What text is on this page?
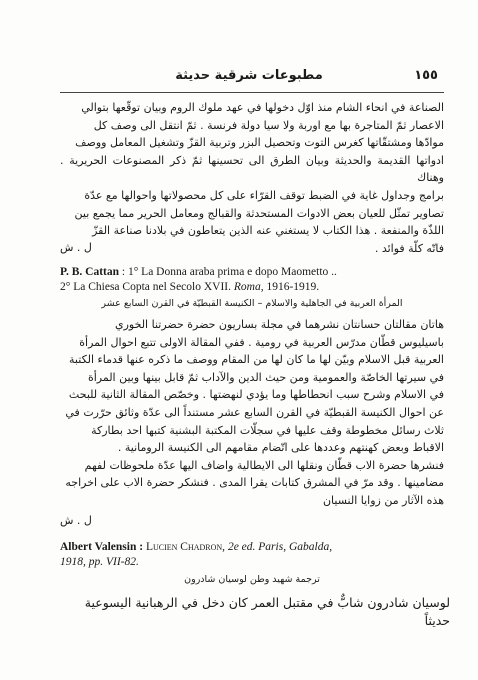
مطبوعات شرقية حديثة	١٥٥

الصناعة في انحاء الشام منذ اوّل دخولها في عهد ملوك الروم وبيان توقّعها بتوالي

الاعصار ثمّ المتاجرة بها مع اوربة ولا سيا دولة فرنسة . ثمّ انتقل الى وصف كل

موادّها ومشتقّاتها كغرس التوت وتحصيل البزر وتربية القزّ وتشغيل المعامل ووصف

ادواتها القديمة والحديثة وبيان الطرق الى تحسينها ثمّ ذكر المصنوعات الحريرية . وهناك

برامج وجداول غاية في الضبط توقف القرّاء على كل محصولاتها واحوالها مع عدّة

تصاوير تمثّل للعيان بعض الادوات المستحدثة والقبالج ومعامل الحرير مما يجمع بين

اللذّة والمنفعة . هذا الكتاب لا يستغني عنه الذين يتعاطون في بلادنا صناعة القزّ

فاتّه كلّة فوائد .

ل . ش

P. B. Cattan : 1° La Donna araba prima e dopo Maometto ..
2° La Chiesa Copta nel Secolo XVII. Roma, 1916-1919.
المرأة العربية في الجاهلية والاسلام – الكنيسة القبطيّة في القرن السابع عشر

هاتان مقالتان حسانتان نشرهما في مجلة بساريون حضرة حضرتنا الخوري

باسيليوس قطّان مدرّس العربية في رومية . ففي المقالة الاولى تتبع احوال المرأة

العربية قبل الاسلام وبيّن لها ما كان لها من المقام ووصف ما ذكره عنها قدماء الكتبة

في سيرتها الخاصّة والعمومية ومن حيث الدين والآداب ثمّ قابل بينها وبين المرأة

في الاسلام وشرح سبب انحطاطها وما يؤدي لنهضتها . وخصّص المقالة الثانية للبحث

عن احوال الكنيسة القبطيّة في القرن السابع عشر مستنداً الى عدّة وثائق حرّرت في

ثلاث رسائل مخطوطة وقف عليها في سجلّات المكتبة البشنية كتبها احد بطاركة

الاقباط وبعض كهنتهم وعددها على اتّضام مقامهم الى الكنيسة الرومانية .

فنشرها حضرة الاب قطّان ونقلها الى الايطالية واضاف اليها عدّة ملحوظات لفهم

مضامينها . وقد مرّ في المشرق كتابات يقرا المدى . فنشكر حضرة الاب على اخراجه

هذه الآثار من زوايا النسيان

ل . ش

Albert Valensin : Lucien Chadron, 2e ed. Paris, Gabalda,
1918, pp. VII-82.
ترجمة شهيد وطن لوسيان شادرون
لوسيان شادرون شابٌّ في مقتبل العمر كان دخل في الرهبانية اليسوعية حديثاً
